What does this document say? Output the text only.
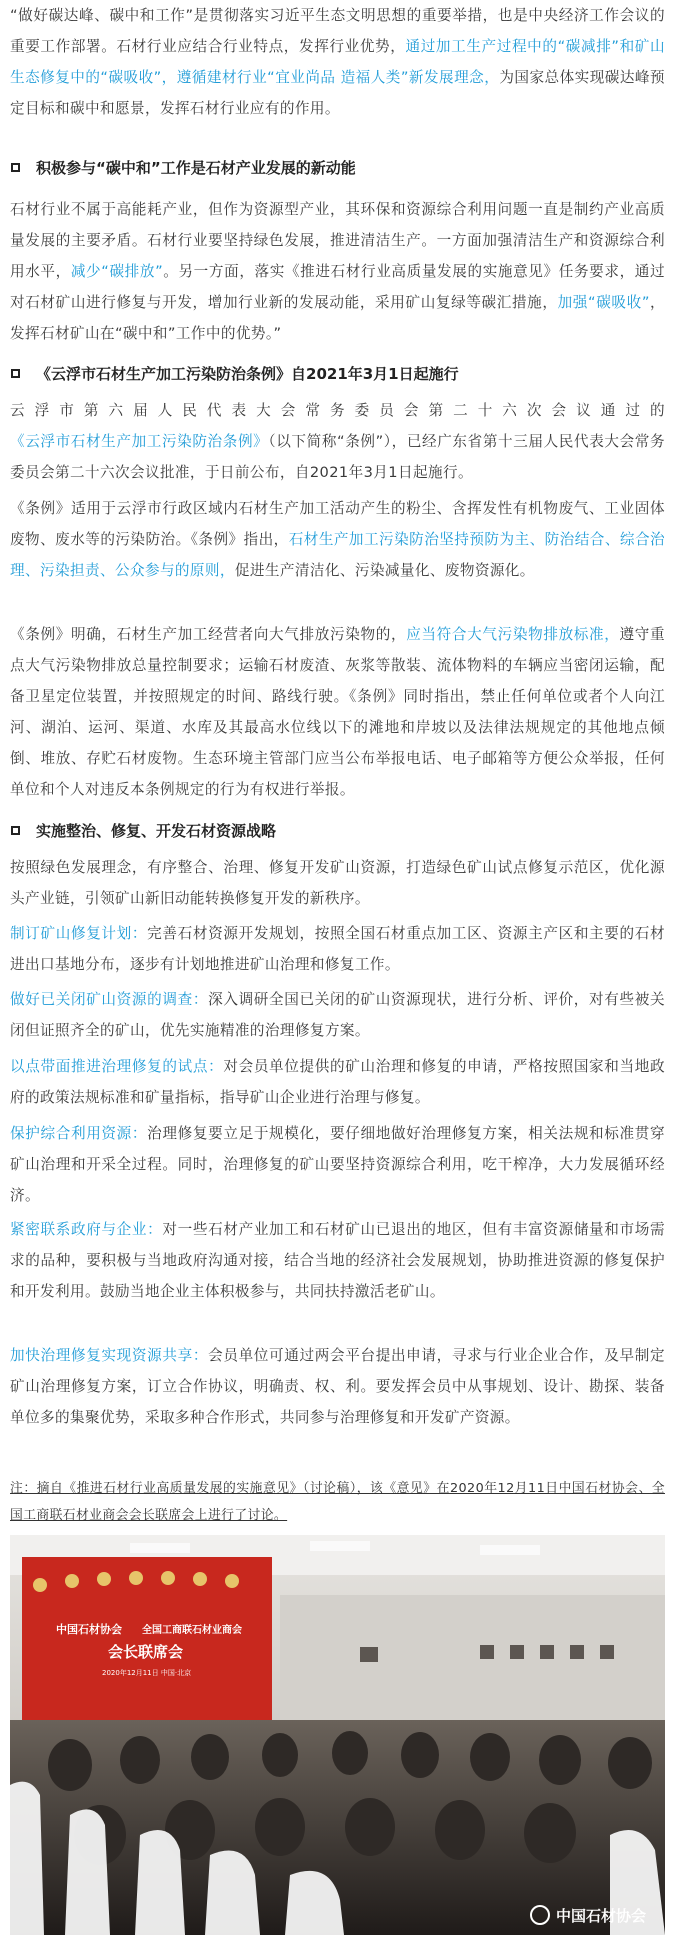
“做好碳达峰、碳中和工作”是贯彻落实习近平生态文明思想的重要举措，也是中央经济工作会议的重要工作部署。石材行业应结合行业特点，发挥行业优势，通过加工生产过程中的“碳减排”和矿山生态修复中的“碳吸收”，遵循建材行业“宜业尚品 造福人类”新发展理念，为国家总体实现碳达峰预定目标和碳中和愿景，发挥石材行业应有的作用。

积极参与“碳中和”工作是石材产业发展的新动能

石材行业不属于高能耗产业，但作为资源型产业，其环保和资源综合利用问题一直是制约产业高质量发展的主要矛盾。石材行业要坚持绿色发展，推进清洁生产。一方面加强清洁生产和资源综合利用水平，减少“碳排放”。另一方面，落实《推进石材行业高质量发展的实施意见》任务要求，通过对石材矿山进行修复与开发，增加行业新的发展动能，采用矿山复绿等碳汇措施，加强“碳吸收”，发挥石材矿山在“碳中和”工作中的优势。”

《云浮市石材生产加工污染防治条例》自2021年3月1日起施行

云浮市第六届人民代表大会常务委员会第二十六次会议通过的《云浮市石材生产加工污染防治条例》（以下简称“条例”），已经广东省第十三届人民代表大会常务委员会第二十六次会议批准，于日前公布，自2021年3月1日起施行。

《条例》适用于云浮市行政区域内石材生产加工活动产生的粉尘、含挥发性有机物废气、工业固体废物、废水等的污染防治。《条例》指出，石材生产加工污染防治坚持预防为主、防治结合、综合治理、污染担责、公众参与的原则，促进生产清洁化、污染减量化、废物资源化。

《条例》明确，石材生产加工经营者向大气排放污染物的，应当符合大气污染物排放标准，遵守重点大气污染物排放总量控制要求；运输石材废渣、灰浆等散装、流体物料的车辆应当密闭运输，配备卫星定位装置，并按照规定的时间、路线行驶。《条例》同时指出，禁止任何单位或者个人向江河、湖泊、运河、渠道、水库及其最高水位线以下的滩地和岸坡以及法律法规规定的其他地点倾倒、堆放、存贮石材废物。生态环境主管部门应当公布举报电话、电子邮箱等方便公众举报，任何单位和个人对违反本条例规定的行为有权进行举报。

实施整治、修复、开发石材资源战略

按照绿色发展理念，有序整合、治理、修复开发矿山资源，打造绿色矿山试点修复示范区，优化源头产业链，引领矿山新旧动能转换修复开发的新秩序。

制订矿山修复计划：完善石材资源开发规划，按照全国石材重点加工区、资源主产区和主要的石材进出口基地分布，逐步有计划地推进矿山治理和修复工作。

做好已关闭矿山资源的调查：深入调研全国已关闭的矿山资源现状，进行分析、评价，对有些被关闭但证照齐全的矿山，优先实施精准的治理修复方案。

以点带面推进治理修复的试点：对会员单位提供的矿山治理和修复的申请，严格按照国家和当地政府的政策法规标准和矿量指标，指导矿山企业进行治理与修复。

保护综合利用资源：治理修复要立足于规模化，要仔细地做好治理修复方案，相关法规和标准贯穿矿山治理和开采全过程。同时，治理修复的矿山要坚持资源综合利用，吃干榨净，大力发展循环经济。

紧密联系政府与企业：对一些石材产业加工和石材矿山已退出的地区，但有丰富资源储量和市场需求的品种，要积极与当地政府沟通对接，结合当地的经济社会发展规划，协助推进资源的修复保护和开发利用。鼓励当地企业主体积极参与，共同扶持激活老矿山。

加快治理修复实现资源共享：会员单位可通过两会平台提出申请，寻求与行业企业合作，及早制定矿山治理修复方案，订立合作协议，明确责、权、利。要发挥会员中从事规划、设计、勘探、装备单位多的集聚优势，采取多种合作形式，共同参与治理修复和开发矿产资源。

注：摘自《推进石材行业高质量发展的实施意见》（讨论稿），该《意见》在2020年12月11日中国石材协会、全国工商联石材业商会会长联席会上进行了讨论。

中国石材协会 全国工商联石材业商会
会长联席会
2020年12月11日 中国·北京
中国石材协会
